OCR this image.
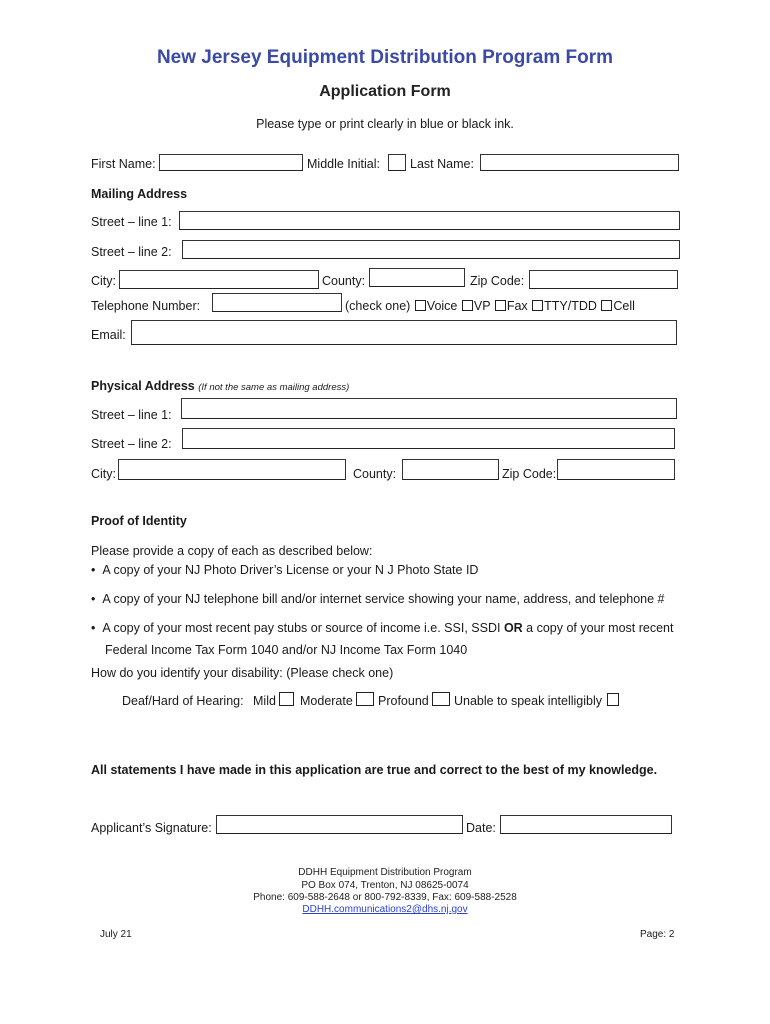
New Jersey Equipment Distribution Program Form
Application Form
Please type or print clearly in blue or black ink.
First Name:	Middle Initial: Last Name:
Mailing Address
Street – line 1:
Street – line 2:
City:	County:	Zip Code:
Telephone Number:	(check one) Voice VP Fax TTY/TDD Cell
Email:
Physical Address (If not the same as mailing address)
Street – line 1:
Street – line 2:
City:	County:	Zip Code:
Proof of Identity
Please provide a copy of each as described below:
• A copy of your NJ Photo Driver’s License or your N J Photo State ID
• A copy of your NJ telephone bill and/or internet service showing your name, address, and telephone #
• A copy of your most recent pay stubs or source of income i.e. SSI, SSDI OR a copy of your most recent
Federal Income Tax Form 1040 and/or NJ Income Tax Form 1040
How do you identify your disability: (Please check one)
Deaf/Hard of Hearing: Mild Moderate Profound Unable to speak intelligibly
All statements I have made in this application are true and correct to the best of my knowledge.
Applicant’s Signature:	Date:
DDHH Equipment Distribution Program
PO Box 074, Trenton, NJ 08625-0074
Phone: 609-588-2648 or 800-792-8339, Fax: 609-588-2528
DDHH.communications2@dhs.nj.gov
July 21	Page: 2
